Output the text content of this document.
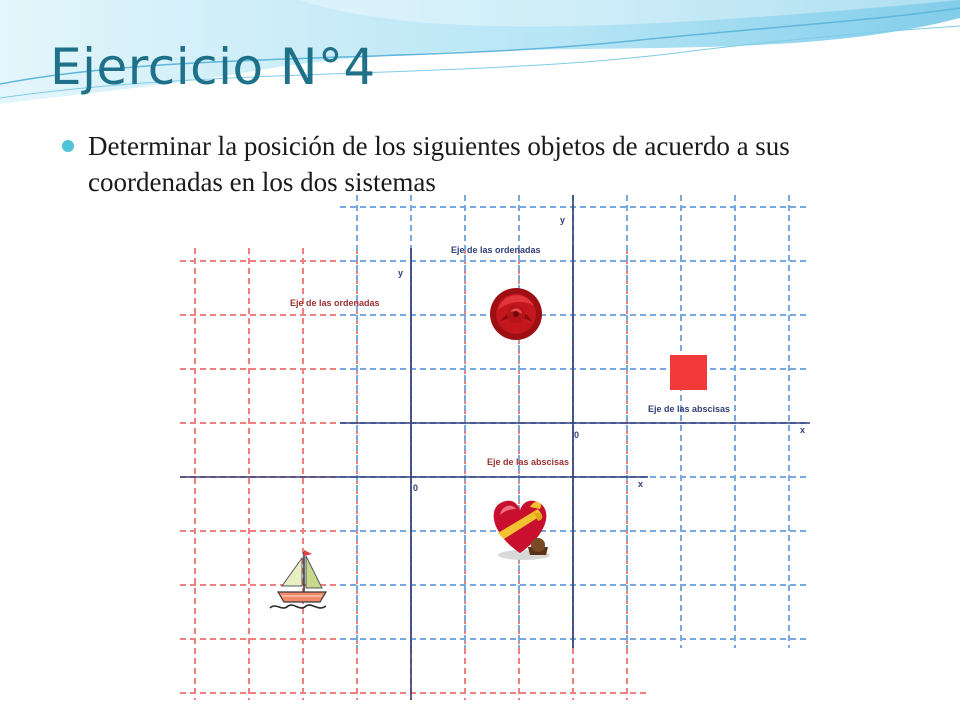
Ejercicio N°4

Determinar la posición de los siguientes objetos de acuerdo a sus coordenadas en los dos sistemas

y
Eje de las ordenadas
Eje de las abscisas
x
0
y
Eje de las ordenadas
Eje de las abscisas
x
0
